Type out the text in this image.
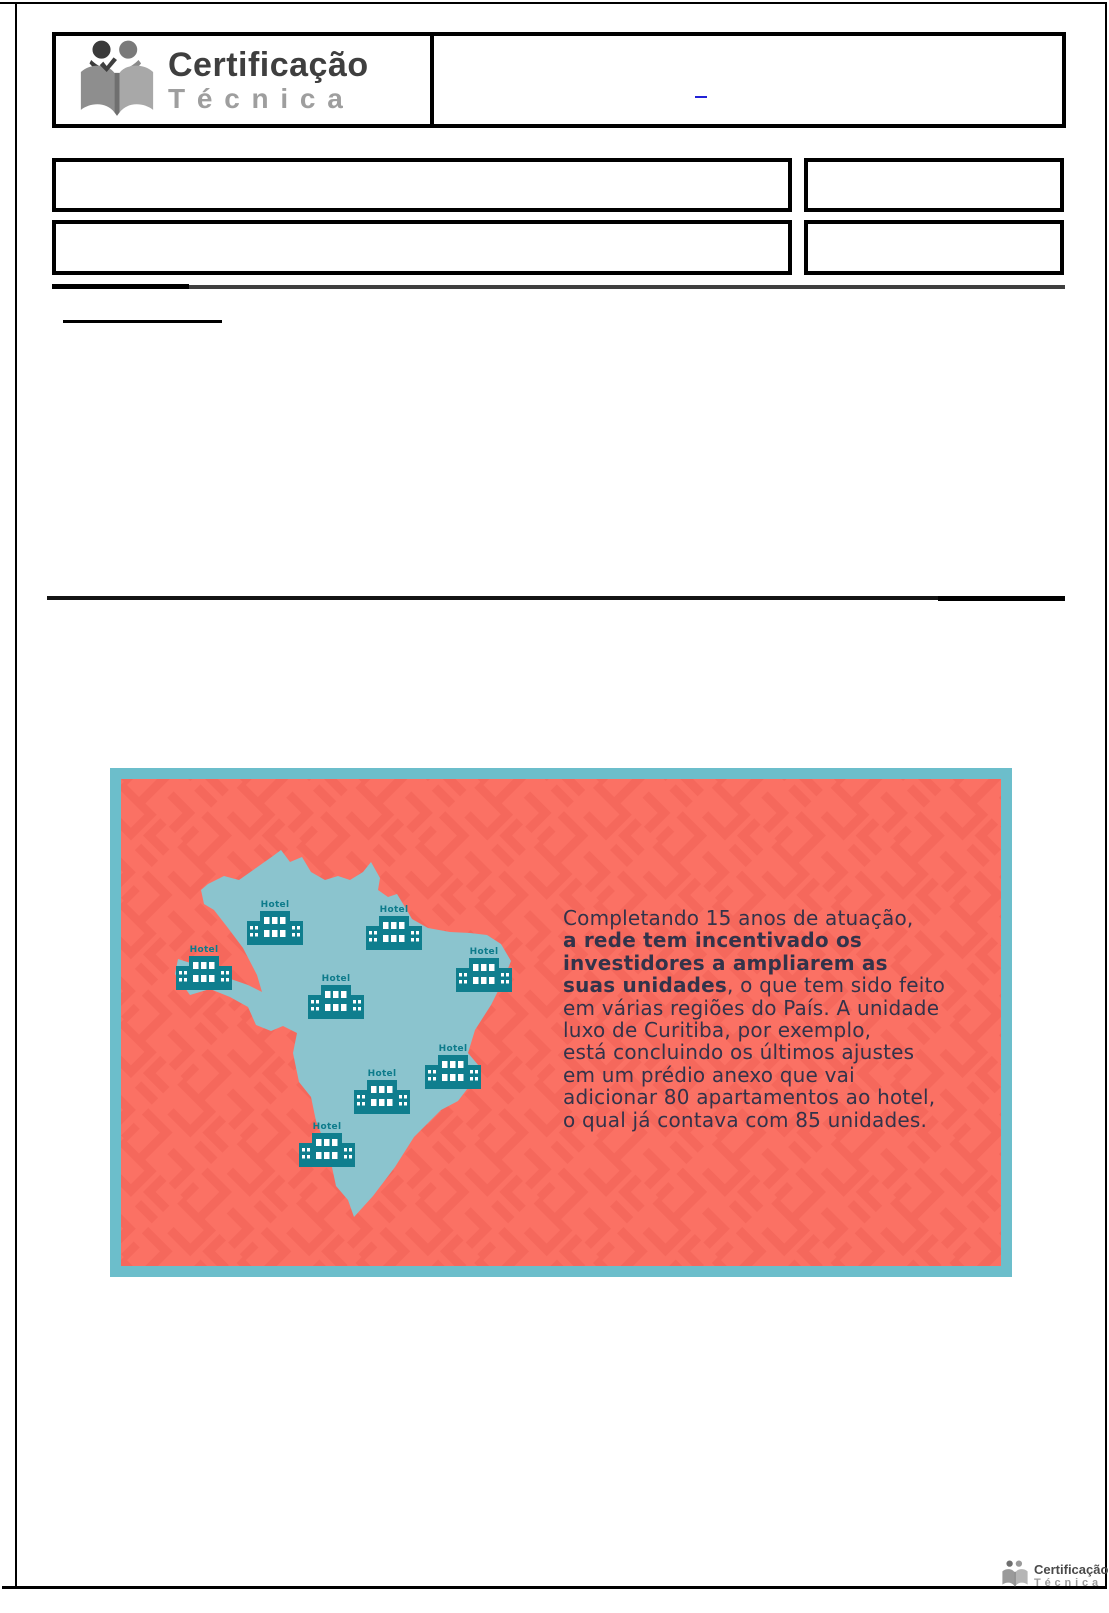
Certificação
Técnica
Hotel	Hotel
Hotel	Hotel
Hotel
Hotel
Hotel
Hotel
Completando 15 anos de atuação,
a rede tem incentivado os
investidores a ampliarem as
suas unidades, o que tem sido feito
em várias regiões do País. A unidade
luxo de Curitiba, por exemplo,
está concluindo os últimos ajustes
em um prédio anexo que vai
adicionar 80 apartamentos ao hotel,
o qual já contava com 85 unidades.
Certificação
Técnica
